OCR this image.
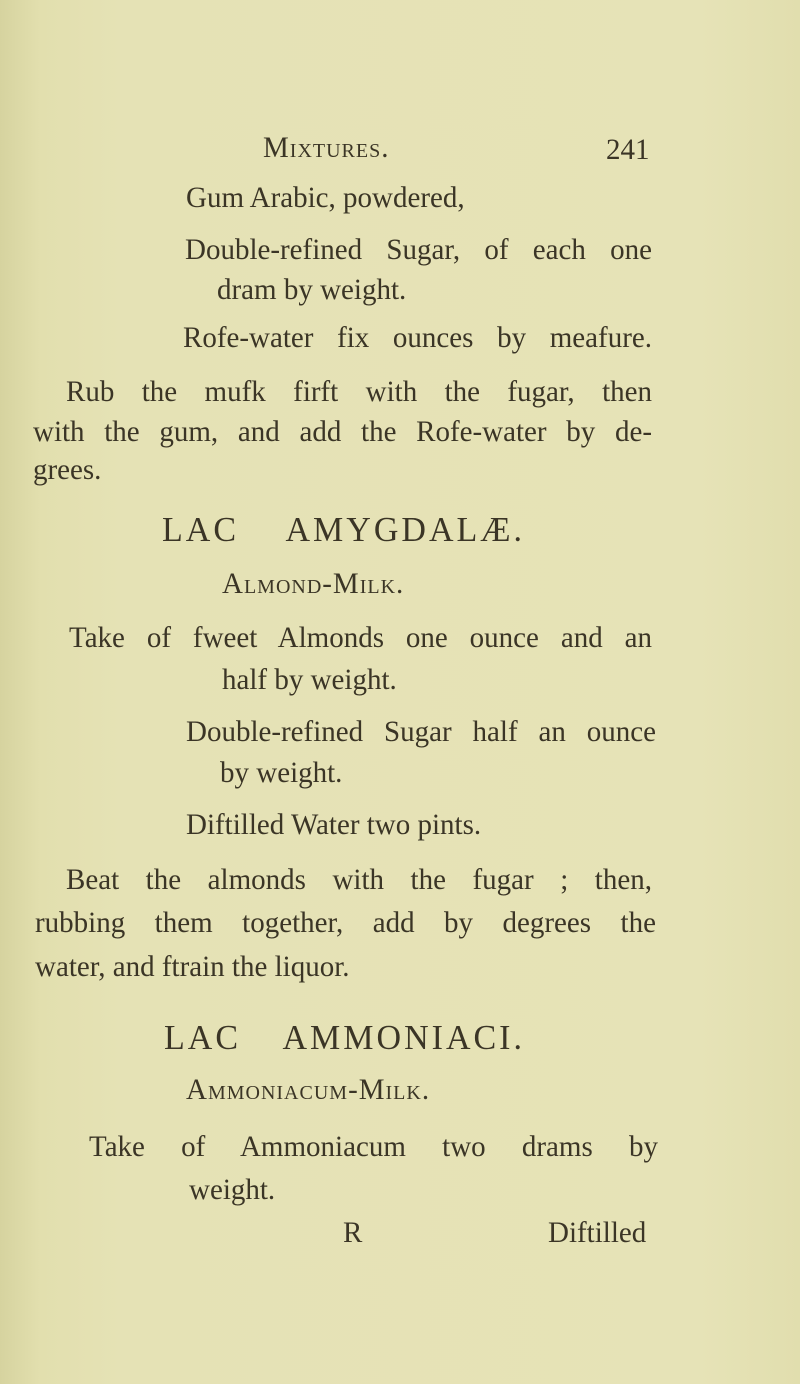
Mixtures.	241
Gum Arabic, powdered,
Double-refined Sugar, of each one
dram by weight.
Rofe-water fix ounces by meafure.
Rub the mufk firft with the fugar, then
with the gum, and add the Rofe-water by de-
grees.
LAC AMYGDALÆ.
Almond-Milk.
Take of fweet Almonds one ounce and an
half by weight.
Double-refined Sugar half an ounce
by weight.
Diftilled Water two pints.
Beat the almonds with the fugar ; then,
rubbing them together, add by degrees the
water, and ftrain the liquor.
LAC AMMONIACI.
Ammoniacum-Milk.
Take of Ammoniacum two drams by
weight.
R	Diftilled
